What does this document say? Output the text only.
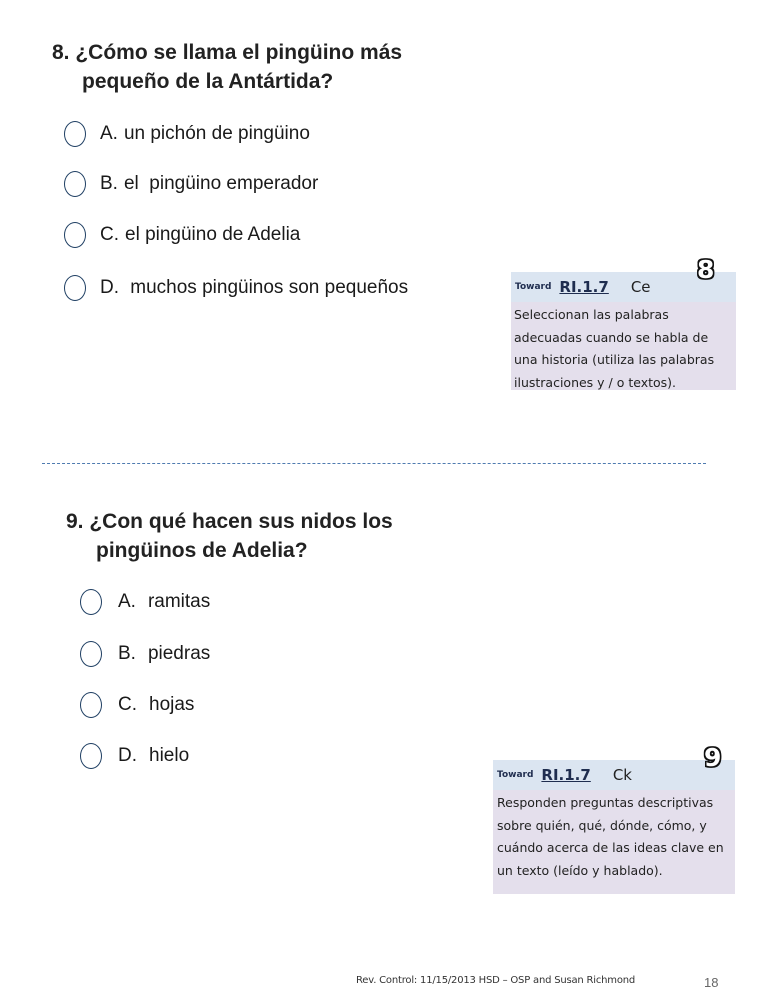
8. ¿Cómo se llama el pingüino más
pequeño de la Antártida?
A. un pichón de pingüino
B. el  pingüino emperador
C. el pingüino de Adelia
D. muchos pingüinos son pequeños	Toward RI.1.7 Ce

Seleccionan las palabras

adecuadas cuando se habla de

una historia (utiliza las palabras

ilustraciones y / o textos).

8
9. ¿Con qué hacen sus nidos los
pingüinos de Adelia?
A. ramitas
B. piedras
C. hojas
D. hielo
Toward RI.1.7 Ck

Responden preguntas descriptivas

sobre quién, qué, dónde, cómo, y

cuándo acerca de las ideas clave en

un texto (leído y hablado).

9
Rev. Control: 11/15/2013 HSD – OSP and Susan Richmond	18
